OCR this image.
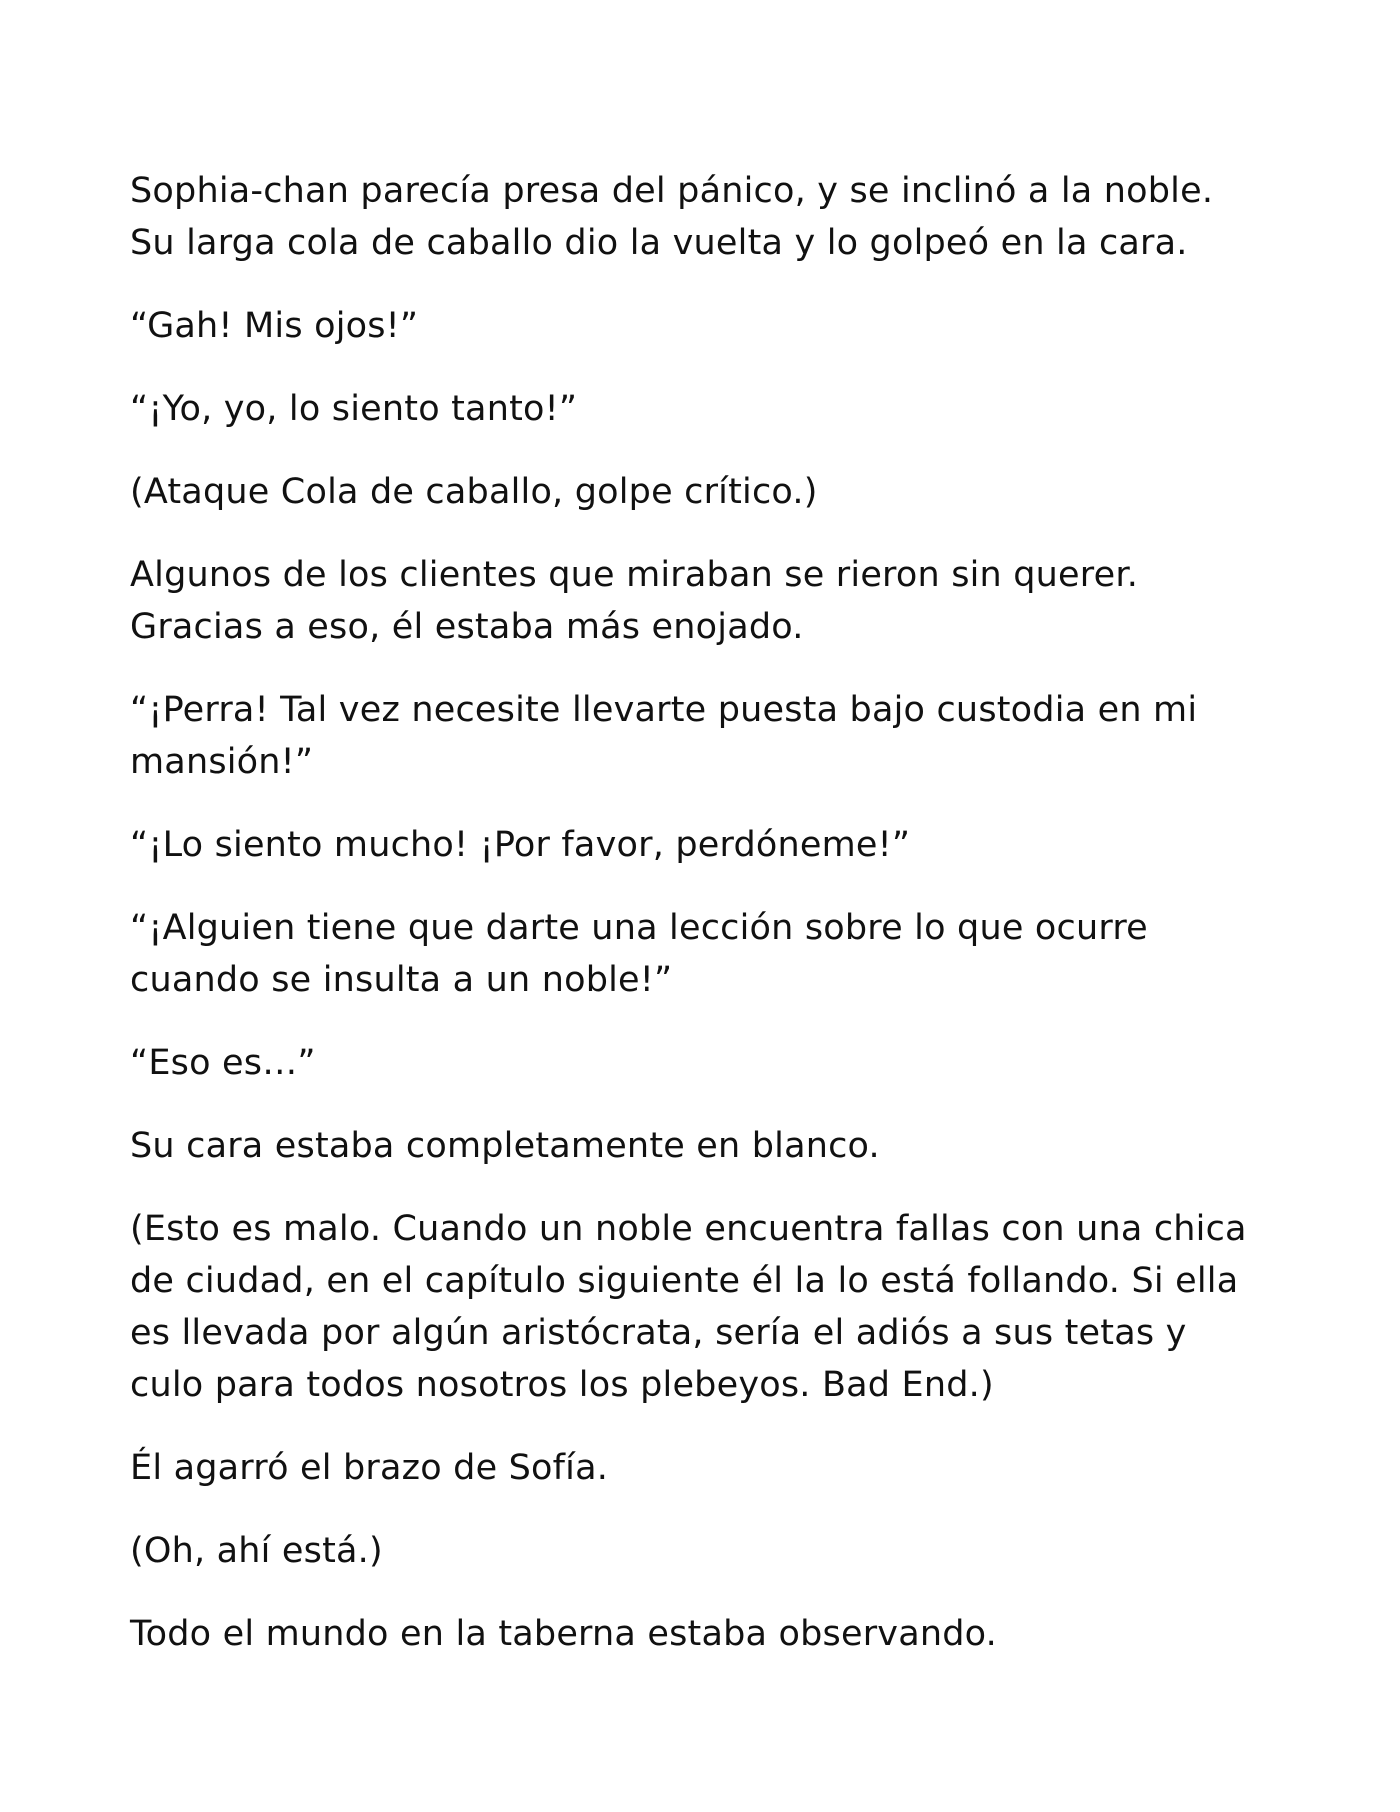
Sophia-chan parecía presa del pánico, y se inclinó a la noble. Su larga cola de caballo dio la vuelta y lo golpeó en la cara.

“Gah! Mis ojos!”

“¡Yo, yo, lo siento tanto!”

(Ataque Cola de caballo, golpe crítico.)

Algunos de los clientes que miraban se rieron sin querer. Gracias a eso, él estaba más enojado.

“¡Perra! Tal vez necesite llevarte puesta bajo custodia en mi mansión!”

“¡Lo siento mucho! ¡Por favor, perdóneme!”

“¡Alguien tiene que darte una lección sobre lo que ocurre cuando se insulta a un noble!”

“Eso es…”

Su cara estaba completamente en blanco.

(Esto es malo. Cuando un noble encuentra fallas con una chica de ciudad, en el capítulo siguiente él la lo está follando. Si ella es llevada por algún aristócrata, sería el adiós a sus tetas y culo para todos nosotros los plebeyos. Bad End.)

Él agarró el brazo de Sofía.

(Oh, ahí está.)

Todo el mundo en la taberna estaba observando.
